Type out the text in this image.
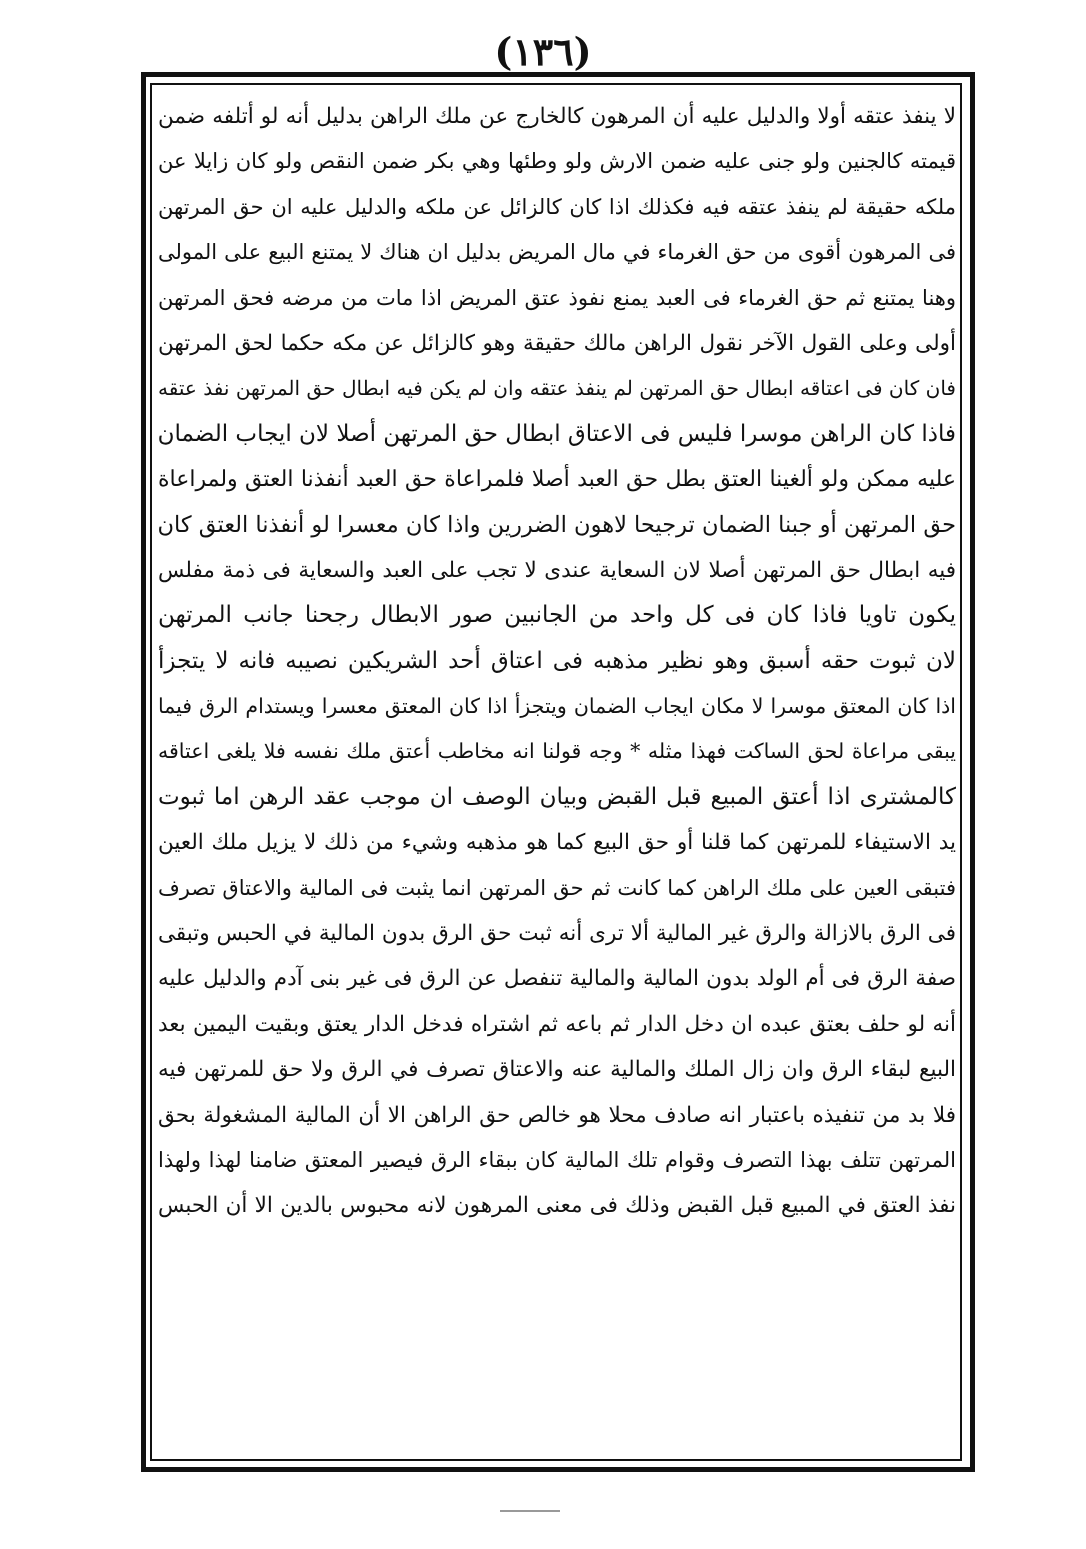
(۱۳٦)
لا ينفذ عتقه أولا والدليل عليه أن المرهون كالخارج عن ملك الراهن بدليل أنه لو أتلفه ضمن
قيمته كالجنين ولو جنى عليه ضمن الارش ولو وطئها وهي بكر ضمن النقص ولو كان زايلا عن
ملكه حقيقة لم ينفذ عتقه فيه فكذلك اذا كان كالزائل عن ملكه والدليل عليه ان حق المرتهن
فى المرهون أقوى من حق الغرماء في مال المريض بدليل ان هناك لا يمتنع البيع على المولى
وهنا يمتنع ثم حق الغرماء فى العبد يمنع نفوذ عتق المريض اذا مات من مرضه فحق المرتهن
أولى وعلى القول الآخر نقول الراهن مالك حقيقة وهو كالزائل عن مكه حكما لحق المرتهن
فان كان فى اعتاقه ابطال حق المرتهن لم ينفذ عتقه وان لم يكن فيه ابطال حق المرتهن نفذ عتقه
فاذا كان الراهن موسرا فليس فى الاعتاق ابطال حق المرتهن أصلا لان ايجاب الضمان
عليه ممكن ولو ألغينا العتق بطل حق العبد أصلا فلمراعاة حق العبد أنفذنا العتق ولمراعاة
حق المرتهن أو جبنا الضمان ترجيحا لاهون الضررين واذا كان معسرا لو أنفذنا العتق كان
فيه ابطال حق المرتهن أصلا لان السعاية عندى لا تجب على العبد والسعاية فى ذمة مفلس
يكون تاويا فاذا كان فى كل واحد من الجانبين صور الابطال رجحنا جانب المرتهن
لان ثبوت حقه أسبق وهو نظير مذهبه فى اعتاق أحد الشريكين نصيبه فانه لا يتجزأ
اذا كان المعتق موسرا لا مكان ايجاب الضمان ويتجزأ اذا كان المعتق معسرا ويستدام الرق فيما
يبقى مراعاة لحق الساكت فهذا مثله * وجه قولنا انه مخاطب أعتق ملك نفسه فلا يلغى اعتاقه
كالمشترى اذا أعتق المبيع قبل القبض وبيان الوصف ان موجب عقد الرهن اما ثبوت
يد الاستيفاء للمرتهن كما قلنا أو حق البيع كما هو مذهبه وشيء من ذلك لا يزيل ملك العين
فتبقى العين على ملك الراهن كما كانت ثم حق المرتهن انما يثبت فى المالية والاعتاق تصرف
فى الرق بالازالة والرق غير المالية ألا ترى أنه ثبت حق الرق بدون المالية في الحبس وتبقى
صفة الرق فى أم الولد بدون المالية والمالية تنفصل عن الرق فى غير بنى آدم والدليل عليه
أنه لو حلف بعتق عبده ان دخل الدار ثم باعه ثم اشتراه فدخل الدار يعتق وبقيت اليمين بعد
البيع لبقاء الرق وان زال الملك والمالية عنه والاعتاق تصرف في الرق ولا حق للمرتهن فيه
فلا بد من تنفيذه باعتبار انه صادف محلا هو خالص حق الراهن الا أن المالية المشغولة بحق
المرتهن تتلف بهذا التصرف وقوام تلك المالية كان ببقاء الرق فيصير المعتق ضامنا لهذا ولهذا
نفذ العتق في المبيع قبل القبض وذلك فى معنى المرهون لانه محبوس بالدين الا أن الحبس
